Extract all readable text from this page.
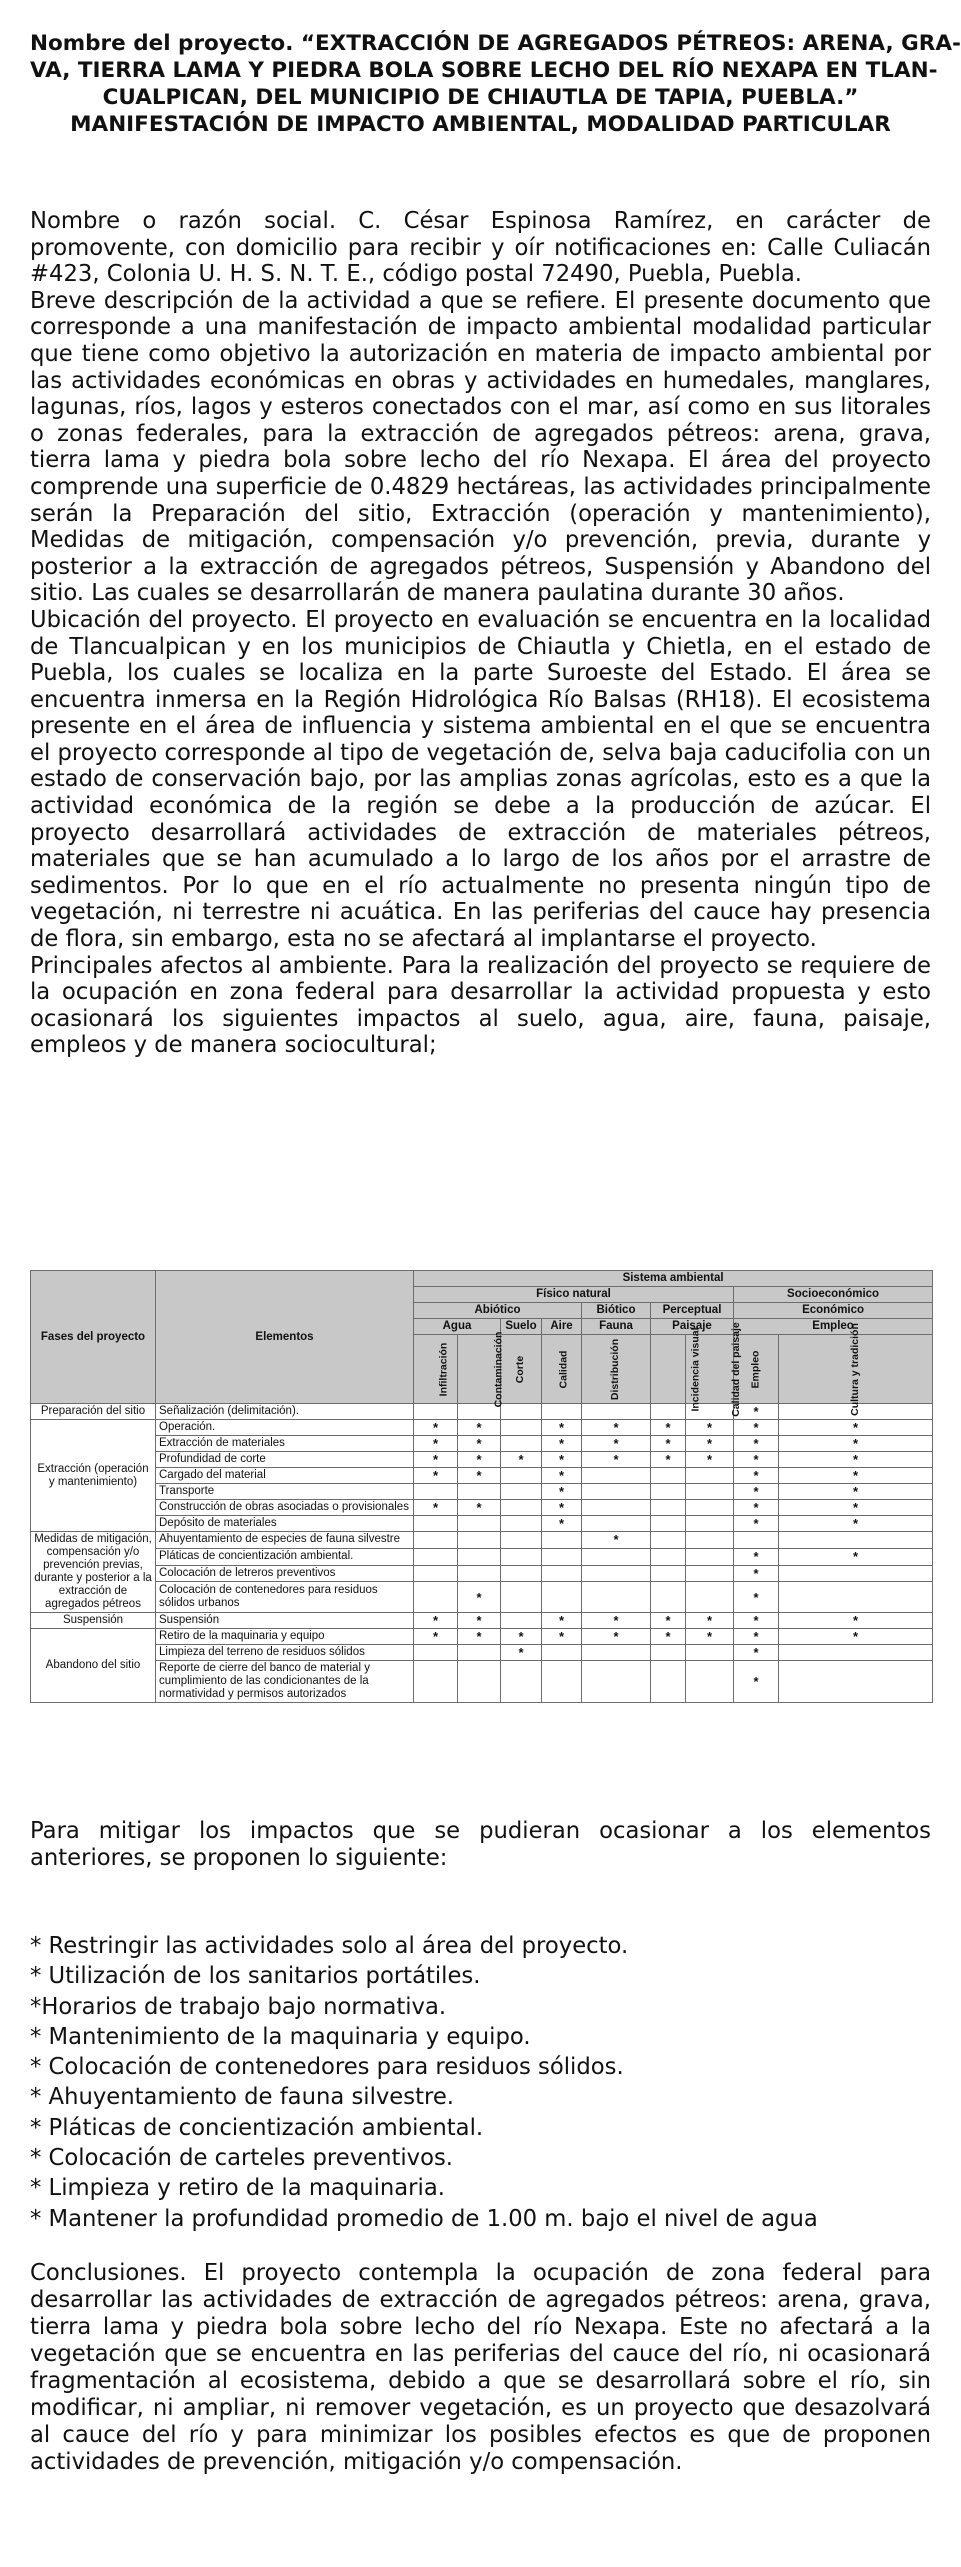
Nombre del proyecto. “EXTRACCIÓN DE AGREGADOS PÉTREOS: ARENA, GRA-
VA, TIERRA LAMA Y PIEDRA BOLA SOBRE LECHO DEL RÍO NEXAPA EN TLAN-
CUALPICAN, DEL MUNICIPIO DE CHIAUTLA DE TAPIA, PUEBLA.”
MANIFESTACIÓN DE IMPACTO AMBIENTAL, MODALIDAD PARTICULAR

Nombre o razón social. C. César Espinosa Ramírez, en carácter de promovente, con domicilio para recibir y oír notificaciones en: Calle Culiacán #423, Colonia U. H. S. N. T. E., código postal 72490, Puebla, Puebla.

Breve descripción de la actividad a que se refiere. El presente documento que corresponde a una manifestación de impacto ambiental modalidad particular que tiene como objetivo la autorización en materia de impacto ambiental por las actividades económicas en obras y actividades en humedales, manglares, lagunas, ríos, lagos y esteros conectados con el mar, así como en sus litorales o zonas federales, para la extracción de agregados pétreos: arena, grava, tierra lama y piedra bola sobre lecho del río Nexapa. El área del proyecto comprende una superficie de 0.4829 hectáreas, las actividades principalmente serán la Preparación del sitio, Extracción (operación y mantenimiento), Medidas de mitigación, compensación y/o prevención, previa, durante y posterior a la extracción de agregados pétreos, Suspensión y Abandono del sitio. Las cuales se desarrollarán de manera paulatina durante 30 años.

Ubicación del proyecto. El proyecto en evaluación se encuentra en la localidad de Tlancualpican y en los municipios de Chiautla y Chietla, en el estado de Puebla, los cuales se localiza en la parte Suroeste del Estado. El área se encuentra inmersa en la Región Hidrológica Río Balsas (RH18). El ecosistema presente en el área de influencia y sistema ambiental en el que se encuentra el proyecto corresponde al tipo de vegetación de, selva baja caducifolia con un estado de conservación bajo, por las amplias zonas agrícolas, esto es a que la actividad económica de la región se debe a la producción de azúcar. El proyecto desarrollará actividades de extracción de materiales pétreos, materiales que se han acumulado a lo largo de los años por el arrastre de sedimentos. Por lo que en el río actualmente no presenta ningún tipo de vegetación, ni terrestre ni acuática. En las periferias del cauce hay presencia de flora, sin embargo, esta no se afectará al implantarse el proyecto.

Principales afectos al ambiente. Para la realización del proyecto se requiere de la ocupación en zona federal para desarrollar la actividad propuesta y esto ocasionará los siguientes impactos al suelo, agua, aire, fauna, paisaje, empleos y de manera sociocultural;

Fases del proyecto	Elementos	Sistema ambiental								
		Físico natural							Socioeconómico	
		Abiótico				Biótico	Perceptual		Económico	
		Agua		Suelo	Aire	Fauna	Paisaje		Empleo	
		Infiltración	Contaminación	Corte	Calidad	Distribución	Incidencia visual	Calidad del paisaje	Empleo	Cultura y tradición
Preparación del sitio	Señalización (delimitación).								*	
Extracción (operación y mantenimiento)	Operación.	*	*		*	*	*	*	*	*
	Extracción de materiales	*	*		*	*	*	*	*	*
	Profundidad de corte	*	*	*	*	*	*	*	*	*
	Cargado del material	*	*		*				*	*
	Transporte				*				*	*
	Construcción de obras asociadas o provisionales	*	*		*				*	*
	Depósito de materiales				*				*	*
Medidas de mitigación, compensación y/o prevención previas, durante y posterior a la extracción de agregados pétreos	Ahuyentamiento de especies de fauna silvestre					*				
	Pláticas de concientización ambiental.								*	*
	Colocación de letreros preventivos								*	
	Colocación de contenedores para residuos sólidos urbanos		*						*	
Suspensión	Suspensión	*	*		*	*	*	*	*	*
Abandono del sitio	Retiro de la maquinaria y equipo	*	*	*	*	*	*	*	*	*
	Limpieza del terreno de residuos sólidos			*					*	
	Reporte de cierre del banco de material y cumplimiento de las condicionantes de la normatividad y permisos autorizados								*	
Para mitigar los impactos que se pudieran ocasionar a los elementos anteriores, se proponen lo siguiente:
* Restringir las actividades solo al área del proyecto.
* Utilización de los sanitarios portátiles.
*Horarios de trabajo bajo normativa.
* Mantenimiento de la maquinaria y equipo.
* Colocación de contenedores para residuos sólidos.
* Ahuyentamiento de fauna silvestre.
* Pláticas de concientización ambiental.
* Colocación de carteles preventivos.
* Limpieza y retiro de la maquinaria.
* Mantener la profundidad promedio de 1.00 m. bajo el nivel de agua
Conclusiones. El proyecto contempla la ocupación de zona federal para desarrollar las actividades de extracción de agregados pétreos: arena, grava, tierra lama y piedra bola sobre lecho del río Nexapa. Este no afectará a la vegetación que se encuentra en las periferias del cauce del río, ni ocasionará fragmentación al ecosistema, debido a que se desarrollará sobre el río, sin modificar, ni ampliar, ni remover vegetación, es un proyecto que desazolvará al cauce del río y para minimizar los posibles efectos es que de proponen actividades de prevención, mitigación y/o compensación.
